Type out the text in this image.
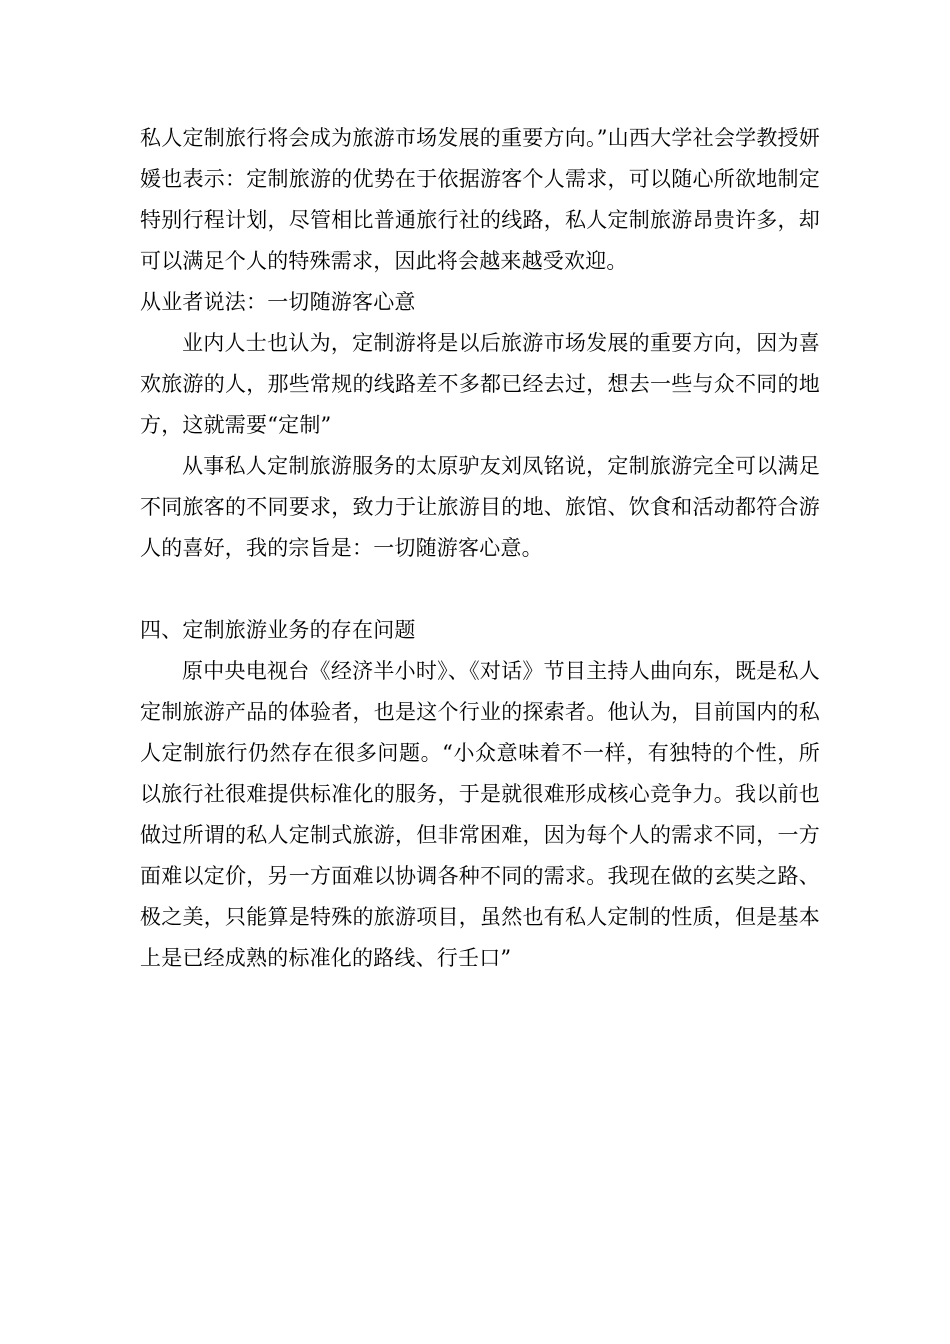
私人定制旅行将会成为旅游市场发展的重要方向。”山西大学社会学教授妍媛也表示：定制旅游的优势在于依据游客个人需求，可以随心所欲地制定特别行程计划，尽管相比普通旅行社的线路，私人定制旅游昂贵许多，却可以满足个人的特殊需求，因此将会越来越受欢迎。

从业者说法：一切随游客心意

业内人士也认为，定制游将是以后旅游市场发展的重要方向，因为喜欢旅游的人，那些常规的线路差不多都已经去过，想去一些与众不同的地方，这就需要“定制”

从事私人定制旅游服务的太原驴友刘凤铭说，定制旅游完全可以满足不同旅客的不同要求，致力于让旅游目的地、旅馆、饮食和活动都符合游人的喜好，我的宗旨是：一切随游客心意。

四、定制旅游业务的存在问题

原中央电视台《经济半小时》、《对话》节目主持人曲向东，既是私人定制旅游产品的体验者，也是这个行业的探索者。他认为，目前国内的私人定制旅行仍然存在很多问题。“小众意味着不一样，有独特的个性，所以旅行社很难提供标准化的服务，于是就很难形成核心竞争力。我以前也做过所谓的私人定制式旅游，但非常困难，因为每个人的需求不同，一方面难以定价，另一方面难以协调各种不同的需求。我现在做的玄奘之路、极之美，只能算是特殊的旅游项目，虽然也有私人定制的性质，但是基本上是已经成熟的标准化的路线、行壬口”
